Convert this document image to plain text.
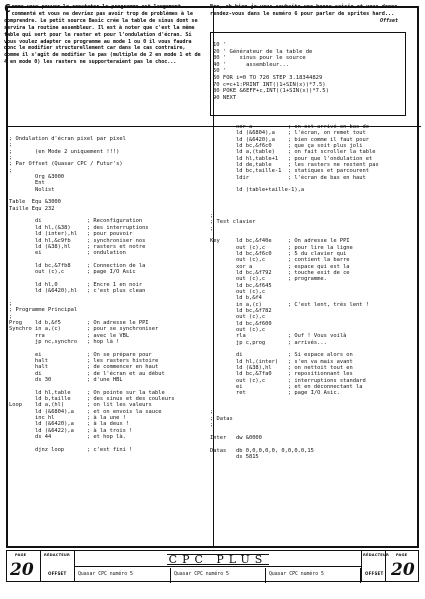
Comme vous pouvez le constater le programme est largement commenté et vous ne devriez pas avoir trop de problèmes à le comprendre. Le petit source Basic crée la table de sinus dont se servira la routine assembleur. Il est à noter que c'est la même table qui sert pour le raster et pour l'ondulation d'écran. Si vous voulez adapter ce programme au mode 1 ou 0 il vous faudra donc le modifier structurellement car dans le cas contraire, comme il s'agit de modifier le pas (multiple de 2 en mode 1 et de 4 en mode 0) les rasters ne supporteraient pas le choc...
Bon, eh bien je vous souhaite une bonne saisie et vous donne rendez-vous dans le numéro 6 pour parler de sprites hard...
Offset
10 '
20 ' Générateur de la table de
30 '    sinus pour le source
40 '      assembleur...
50 '
60 FOR i=0 TO 720 STEP 3.18344829
70 c=c+1:PRINT INT((1+SIN(x))*7.5)
80 POKE &6EFF+c,INT((1+SIN(x))*7.5)
90 NEXT
; Ondulation d'écran pixel par pixel
;
;       (en Mode 2 uniquement !!!)
;
; Par Offset (Quasar CPC / Futur's)
;
Org &3000
Ent
Nolist

Table  Equ &3000
Taille Equ 232

di              ; Reconfiguration
ld hl,(&38)     ; des interruptions
ld (inter),hl   ; pour pouvoir
ld hl,&c9fb     ; synchroniser nos
ld (&38),hl     ; rasters et notre
ei              ; ondulation

ld bc,&7fb8     ; Connection de la
out (c),c       ; page I/O Asic

ld hl,0         ; Encre 1 en noir
ld (&6420),hl   ; c'est plus clean

;
; Programme Principal
;
Prog    ld b,&f5        ; On adresse le PPI
Synchro in a,(c)        ; pour se synchroniser
rra             ; avec le VBL
jp nc,synchro   ; hop là !

ei              ; On se prépare pour
halt            ; les rasters histoire
halt            ; de commencer en haut
di              ; de l'écran et au début
ds 30           ; d'une HBL

ld hl,table     ; On pointe sur la table
ld b,taille     ; des sinus et des couleurs
Loop    ld a,(hl)       ; on lit les valeurs
ld (&6804),a    ; et on envois la sauce
inc hl          ; à la une !
ld (&6420),a    ; à la deux !
ld (&6422),a    ; à la trois !
ds 44           ; et hop là.

djnz loop       ; c'est fini !
xor a           ; on est arrivé en bas de
ld (&6804),a    ; l'écran, on remet tout
ld (&6420),a    ; bien comme il faut pour
ld bc,&f6c0     ; que ça soit plus joli
ld a,(table)    ; on fait scroller la table
ld hl,table+1   ; pour que l'ondulation et
ld de,table     ; les rasters ne restent pas
ld bc,taille-1  ; statiques et parcourent
ldir            ; l'écran de bas en haut

ld (table+taille-1),a

;
; Test clavier
;

Key     ld bc,&f40e     ; On adresse le PPI
out (c),c       ; pour lire la ligne
ld bc,&f6c0     ; 5 du clavier qui
out (c),c       ; contient la barre
xor a           ; espace qui est la
ld bc,&f792     ; touche exit de ce
out (c),c       ; programme.
ld bc,&f645
out (c),c
ld b,&f4
in a,(c)        ; C'est lent, très lent !
ld bc,&f782
out (c),c
ld bc,&f600
out (c),c
rla             ; Ouf ! Vous voilà
jp c,prog       ; arrivés...

di              ; Si espace alors on
ld hl,(inter)   ; s'en va mais avant
ld (&38),hl     ; on nettoit tout en
ld bc,&7fa0     ; repositionnant les
out (c),c       ; interruptions standard
ei              ; et en déconnectant la
ret             ; page I/O Asic.

;
; Datas
;

Inter   dw &0000

Datas   db 0,0,0,0,0, 0,0,0,0,15
ds 5815
PAGE
20
RÉDACTEUR
OFFSET
CPC PLUS
Quasar CPC numéro 5	Quasar CPC numéro 5	Quasar CPC numéro 5
RÉDACTEUR
OFFSET
PAGE
20
